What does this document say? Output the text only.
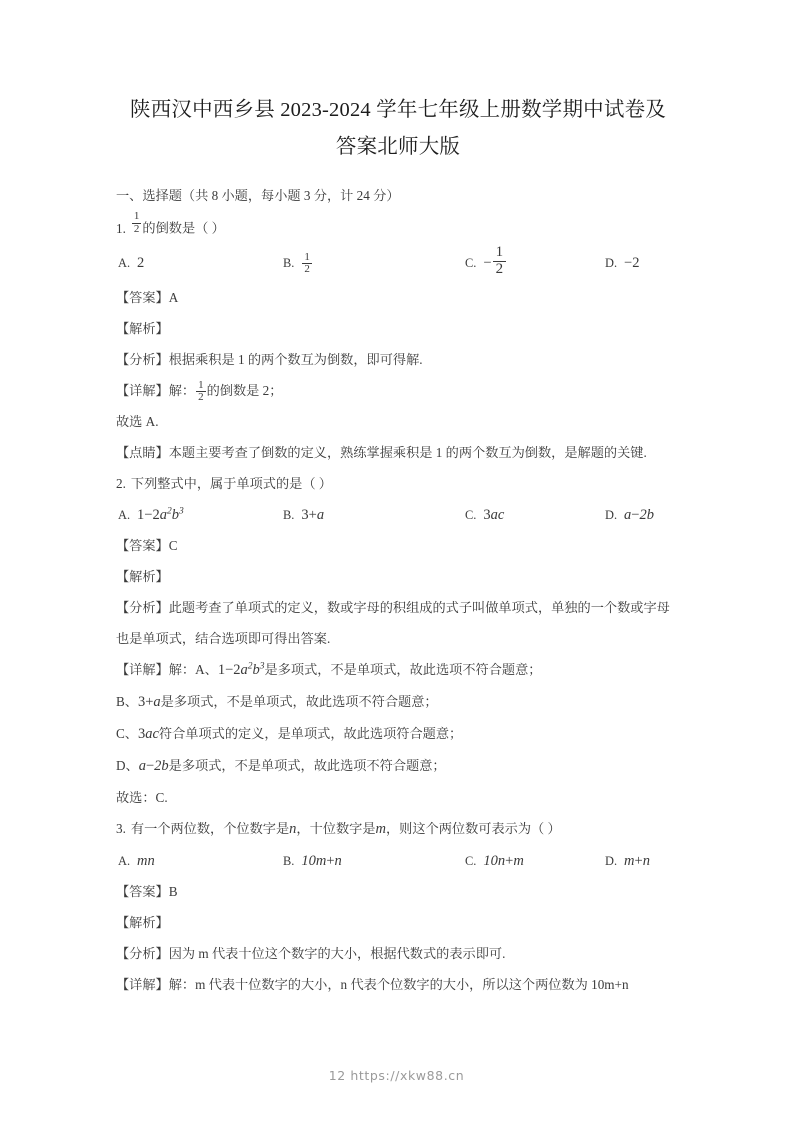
陕西汉中西乡县 2023-2024 学年七年级上册数学期中试卷及
答案北师大版
一、选择题（共 8 小题，每小题 3 分，计 24 分）
1. $\frac{1}{2}$ 的倒数是（ ）
A. 2	B. $\frac{1}{2}$	C. − $\frac{1}{2}$	D. −2
【答案】A
【解析】
【分析】根据乘积是 1 的两个数互为倒数，即可得解.
【详解】解： $\frac{1}{2}$ 的倒数是 2；
故选 A.
【点睛】本题主要考查了倒数的定义，熟练掌握乘积是 1 的两个数互为倒数，是解题的关键.
2. 下列整式中，属于单项式的是（ ）
A. $1-2a^2b^3$	B. 3+a	C. 3ac	D. a−2b
【答案】C
【解析】
【分析】此题考查了单项式的定义，数或字母的积组成的式子叫做单项式，单独的一个数或字母也是单项式，结合选项即可得出答案.
【详解】解：A、$1-2a^2b^3$是多项式，不是单项式，故此选项不符合题意；
B、3+a是多项式，不是单项式，故此选项不符合题意；
C、3ac符合单项式的定义，是单项式，故此选项符合题意；
D、a−2b是多项式，不是单项式，故此选项不符合题意；
故选：C.
3. 有一个两位数，个位数字是n，十位数字是m，则这个两位数可表示为（ ）
A. mn	B. 10m+n	C. 10n+m	D. m+n
【答案】B
【解析】
【分析】因为 m 代表十位这个数字的大小，根据代数式的表示即可.
【详解】解：m 代表十位数字的大小，n 代表个位数字的大小，所以这个两位数为 10m+n
12 https://xkw88.cn
